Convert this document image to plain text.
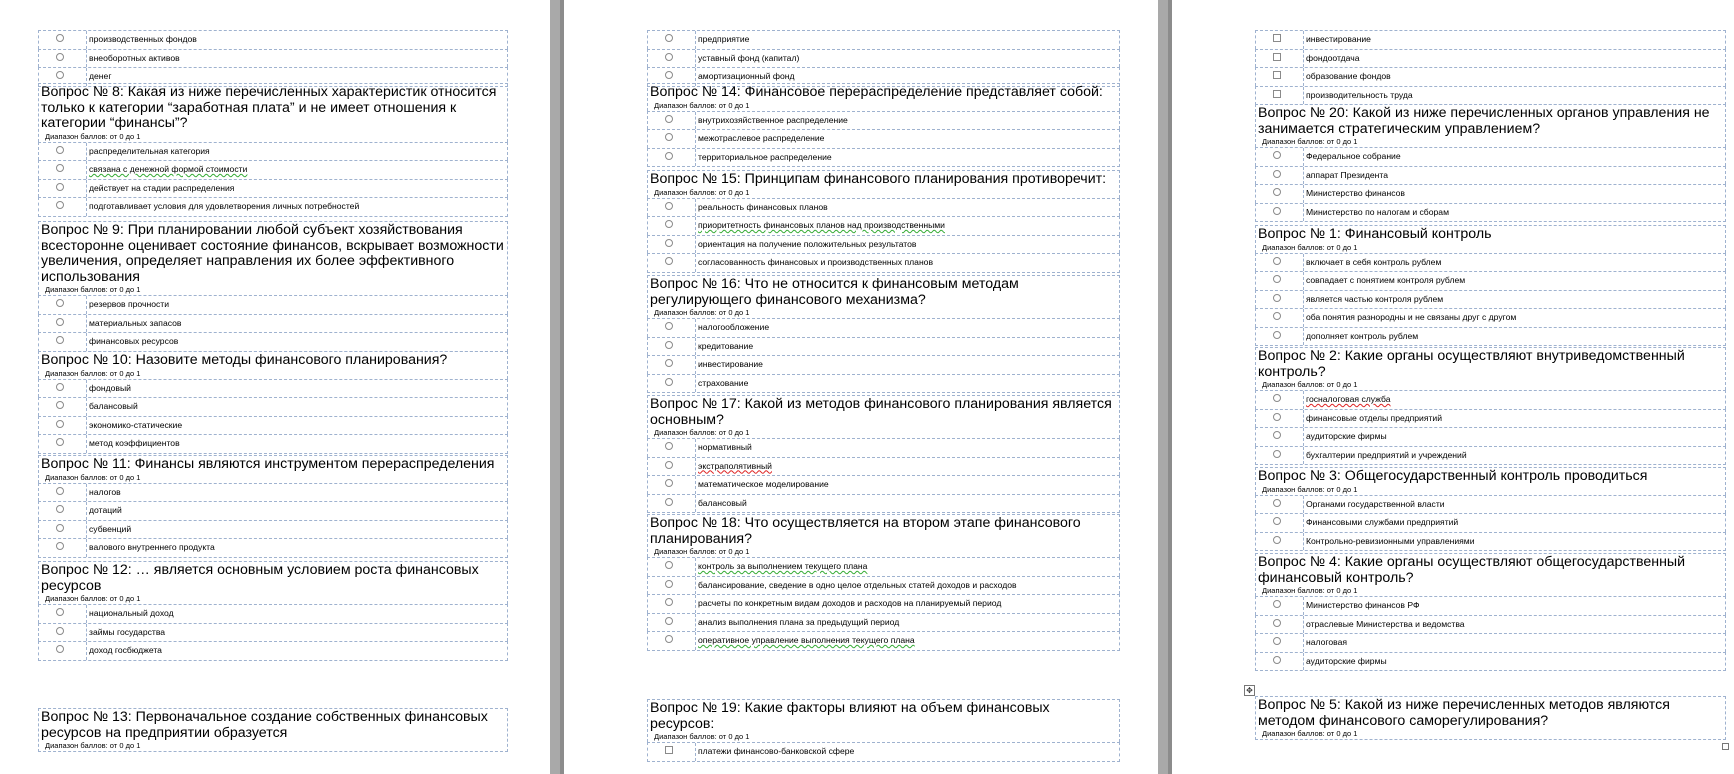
производственных фондов
внеоборотных активов
денег
Вопрос № 8: Какая из ниже перечисленных характеристик относится только к категории “заработная плата” и не имеет отношения к категории “финансы”?
Диапазон баллов: от 0 до 1
распределительная категория
связана с денежной формой стоимости
действует на стадии распределения
подготавливает условия для удовлетворения личных потребностей
Вопрос № 9: При планировании любой субъект хозяйствования всесторонне оценивает состояние финансов, вскрывает возможности увеличения, определяет направления их более эффективного использования
Диапазон баллов: от 0 до 1
резервов прочности
материальных запасов
финансовых ресурсов
Вопрос № 10: Назовите методы финансового планирования?
Диапазон баллов: от 0 до 1
фондовый
балансовый
экономико-статические
метод коэффициентов
Вопрос № 11: Финансы являются инструментом перераспределения
Диапазон баллов: от 0 до 1
налогов
дотаций
субвенций
валового внутреннего продукта
Вопрос № 12: … является основным условием роста финансовых ресурсов
Диапазон баллов: от 0 до 1
национальный доход
займы государства
доход госбюджета
Вопрос № 13: Первоначальное создание собственных финансовых ресурсов на предприятии образуется
Диапазон баллов: от 0 до 1
предприятие
уставный фонд (капитал)
амортизационный фонд
Вопрос № 14: Финансовое перераспределение представляет собой:
Диапазон баллов: от 0 до 1
внутрихозяйственное распределение
межотраслевое распределение
территориальное распределение
Вопрос № 15: Принципам финансового планирования противоречит:
Диапазон баллов: от 0 до 1
реальность финансовых планов
приоритетность финансовых планов над производственными
ориентация на получение положительных результатов
согласованность финансовых и производственных планов
Вопрос № 16: Что не относится к финансовым методам регулирующего финансового механизма?
Диапазон баллов: от 0 до 1
налогообложение
кредитование
инвестирование
страхование
Вопрос № 17: Какой из методов финансового планирования является основным?
Диапазон баллов: от 0 до 1
нормативный
экстраполятивный
математическое моделирование
балансовый
Вопрос № 18: Что осуществляется на втором этапе финансового планирования?
Диапазон баллов: от 0 до 1
контроль за выполнением текущего плана
балансирование, сведение в одно целое отдельных статей доходов и расходов
расчеты по конкретным видам доходов и расходов на планируемый период
анализ выполнения плана за предыдущий период
оперативное управление выполнения текущего плана
Вопрос № 19: Какие факторы влияют на объем финансовых ресурсов:
Диапазон баллов: от 0 до 1
платежи финансово-банковской сфере
инвестирование
фондоотдача
образование фондов
производительность труда
Вопрос № 20: Какой из ниже перечисленных органов управления не занимается стратегическим управлением?
Диапазон баллов: от 0 до 1
Федеральное собрание
аппарат Президента
Министерство финансов
Министерство по налогам и сборам
Вопрос № 1: Финансовый контроль
Диапазон баллов: от 0 до 1
включает в себя контроль рублем
совпадает с понятием контроля рублем
является частью контроля рублем
оба понятия разнородны и не связаны друг с другом
дополняет контроль рублем
Вопрос № 2: Какие органы осуществляют внутриведомственный контроль?
Диапазон баллов: от 0 до 1
госналоговая служба
финансовые отделы предприятий
аудиторские фирмы
бухгалтерии предприятий и учреждений
Вопрос № 3: Общегосударственный контроль проводиться
Диапазон баллов: от 0 до 1
Органами государственной власти
Финансовыми службами предприятий
Контрольно-ревизионными управлениями
Вопрос № 4: Какие органы осуществляют общегосударственный финансовый контроль?
Диапазон баллов: от 0 до 1
Министерство финансов РФ
отраслевые Министерства и ведомства
налоговая
аудиторские фирмы
Вопрос № 5: Какой из ниже перечисленных методов являются методом финансового саморегулирования?
Диапазон баллов: от 0 до 1
✥
